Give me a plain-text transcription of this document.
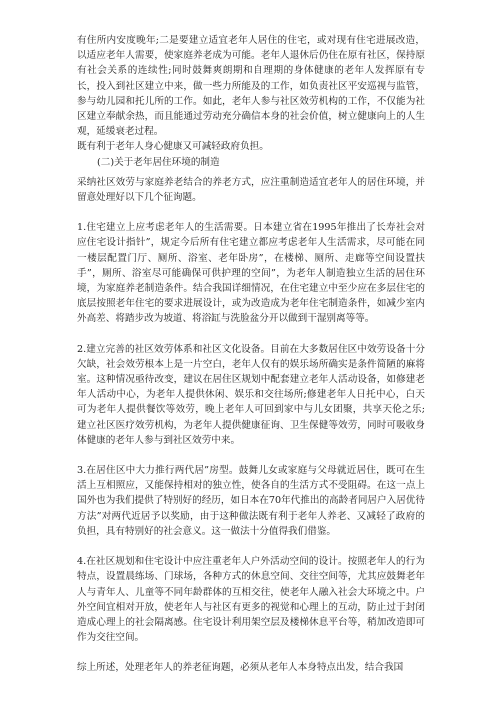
有住所内安度晚年;二是要建立适宜老年人居住的住宅，或对现有住宅进展改造，以适应老年人需要，使家庭养老成为可能。老年人退休后仍住在原有社区，保持原有社会关系的连续性;同时鼓舞爽朗期和自理期的身体健康的老年人发挥原有专长，投入到社区建立中来，做一些力所能及的工作，如负责社区平安巡视与监管，参与幼儿园和托儿所的工作。如此，老年人参与社区效劳机构的工作，不仅能为社区建立奉献余热，而且能通过劳动充分确信本身的社会价值，树立健康向上的人生观，延缓衰老过程。

既有利于老年人身心健康又可减轻政府负担。

(二)关于老年居住环境的制造

采纳社区效劳与家庭养老结合的养老方式，应注重制造适宜老年人的居住环境，并留意处理好以下几个征询题。

1.住宅建立上应考虑老年人的生活需要。日本建立省在1995年推出了长寿社会对应住宅设计指针”，规定今后所有住宅建立都应考虑老年人生活需求，尽可能在同一楼层配置门厅、厕所、浴室、老年卧房”，在楼梯、厕所、走廊等空间设置扶手”，厕所、浴室尽可能确保可供护理的空间”，为老年人制造独立生活的居住环境，为家庭养老制造条件。结合我国详细情况，在住宅建立中至少应在多层住宅的底层按照老年住宅的要求进展设计，或为改造成为老年住宅制造条件，如减少室内外高差、将踏步改为坡道、将浴缸与洗脸盆分开以做到干湿别离等等。

2.建立完善的社区效劳体系和社区文化设备。目前在大多数居住区中效劳设备十分欠缺，社会效劳根本上是一片空白，老年人仅有的娱乐场所确实是条件简陋的麻将室。这种情况亟待改变，建议在居住区规划中配套建立老年人活动设备，如修建老年人活动中心，为老年人提供休闲、娱乐和交往场所;修建老年人日托中心，白天可为老年人提供餐饮等效劳，晚上老年人可回到家中与儿女团聚，共享天伦之乐;建立社区医疗效劳机构，为老年人提供健康征询、卫生保健等效劳，同时可吸收身体健康的老年人参与到社区效劳中来。

3.在居住区中大力推行两代居”房型。鼓舞儿女或家庭与父母就近居住，既可在生活上互相照应，又能保持相对的独立性，使各自的生活方式不受阻碍。在这一点上国外也为我们提供了特别好的经历，如日本在70年代推出的高龄者同居户入居优待方法”对两代近居予以奖励，由于这种做法既有利于老年人养老、又减轻了政府的负担，具有特别好的社会意义。这一做法十分值得我们借鉴。

4.在社区规划和住宅设计中应注重老年人户外活动空间的设计。按照老年人的行为特点，设置晨练场、门球场，各种方式的休息空间、交往空间等，尤其应鼓舞老年人与青年人、儿童等不同年龄群体的互相交往，使老年人融入社会大环境之中。户外空间宜相对开放，使老年人与社区有更多的视觉和心理上的互动，防止过于封闭造成心理上的社会隔离感。住宅设计利用架空层及楼梯休息平台等，稍加改造即可作为交往空间。

综上所述，处理老年人的养老征询题，必须从老年人本身特点出发，结合我国
